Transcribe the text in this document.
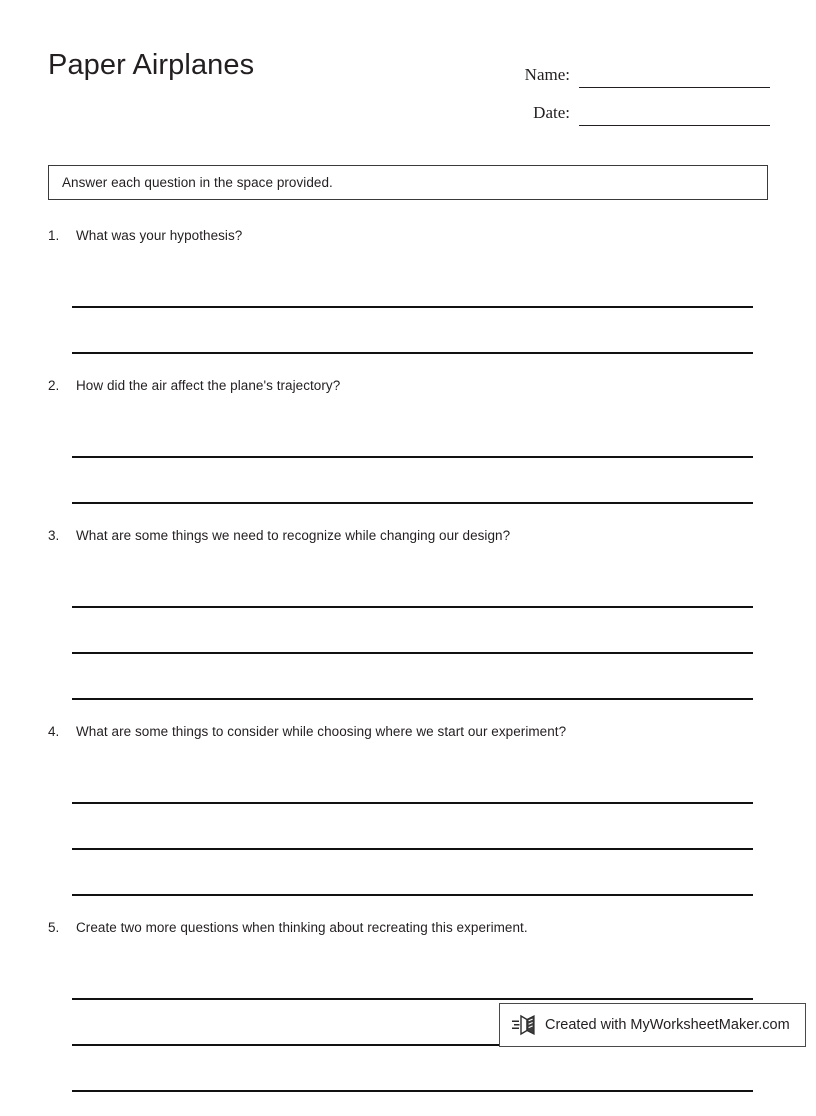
Paper Airplanes	Name:
Date:
Answer each question in the space provided.
1. What was your hypothesis?
2. How did the air affect the plane's trajectory?
3. What are some things we need to recognize while changing our design?
4. What are some things to consider while choosing where we start our experiment?
5. Create two more questions when thinking about recreating this experiment.
Created with MyWorksheetMaker.com
